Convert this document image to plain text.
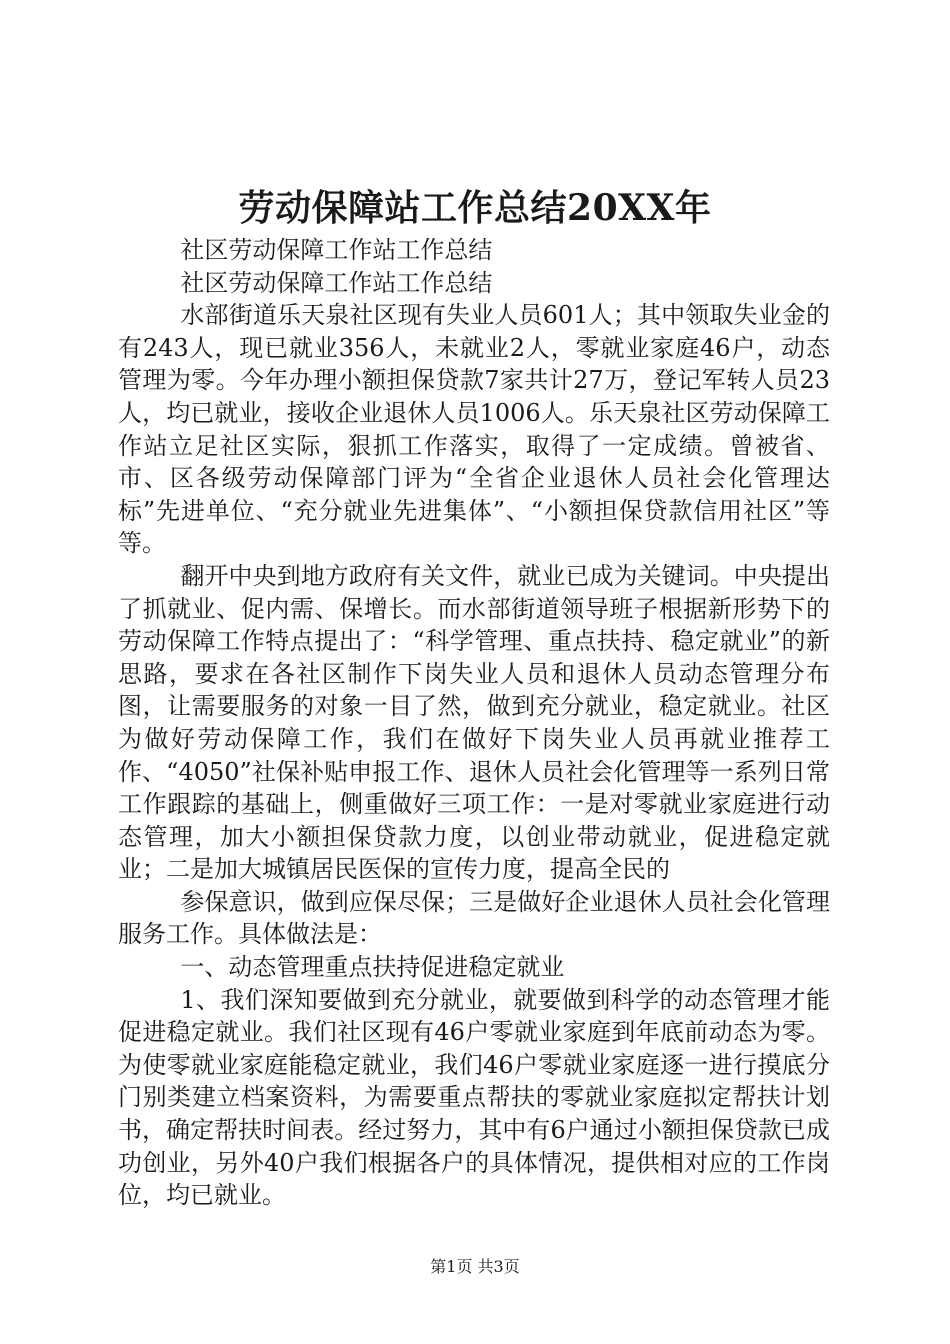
劳动保障站工作总结20XX年

社区劳动保障工作站工作总结

社区劳动保障工作站工作总结

水部街道乐天泉社区现有失业人员601人；其中领取失业金的有243人，现已就业356人，未就业2人，零就业家庭46户，动态管理为零。今年办理小额担保贷款7家共计27万，登记军转人员23人，均已就业，接收企业退休人员1006人。乐天泉社区劳动保障工作站立足社区实际，狠抓工作落实，取得了一定成绩。曾被省、市、区各级劳动保障部门评为“全省企业退休人员社会化管理达标”先进单位、“充分就业先进集体”、“小额担保贷款信用社区”等等。

翻开中央到地方政府有关文件，就业已成为关键词。中央提出了抓就业、促内需、保增长。而水部街道领导班子根据新形势下的劳动保障工作特点提出了：“科学管理、重点扶持、稳定就业”的新思路，要求在各社区制作下岗失业人员和退休人员动态管理分布图，让需要服务的对象一目了然，做到充分就业，稳定就业。社区为做好劳动保障工作，我们在做好下岗失业人员再就业推荐工作、“4050”社保补贴申报工作、退休人员社会化管理等一系列日常工作跟踪的基础上，侧重做好三项工作：一是对零就业家庭进行动态管理，加大小额担保贷款力度，以创业带动就业，促进稳定就业；二是加大城镇居民医保的宣传力度，提高全民的

参保意识，做到应保尽保；三是做好企业退休人员社会化管理服务工作。具体做法是：

一、动态管理重点扶持促进稳定就业

1、我们深知要做到充分就业，就要做到科学的动态管理才能促进稳定就业。我们社区现有46户零就业家庭到年底前动态为零。为使零就业家庭能稳定就业，我们46户零就业家庭逐一进行摸底分门别类建立档案资料，为需要重点帮扶的零就业家庭拟定帮扶计划书，确定帮扶时间表。经过努力，其中有6户通过小额担保贷款已成功创业，另外40户我们根据各户的具体情况，提供相对应的工作岗位，均已就业。

第1页 共3页
